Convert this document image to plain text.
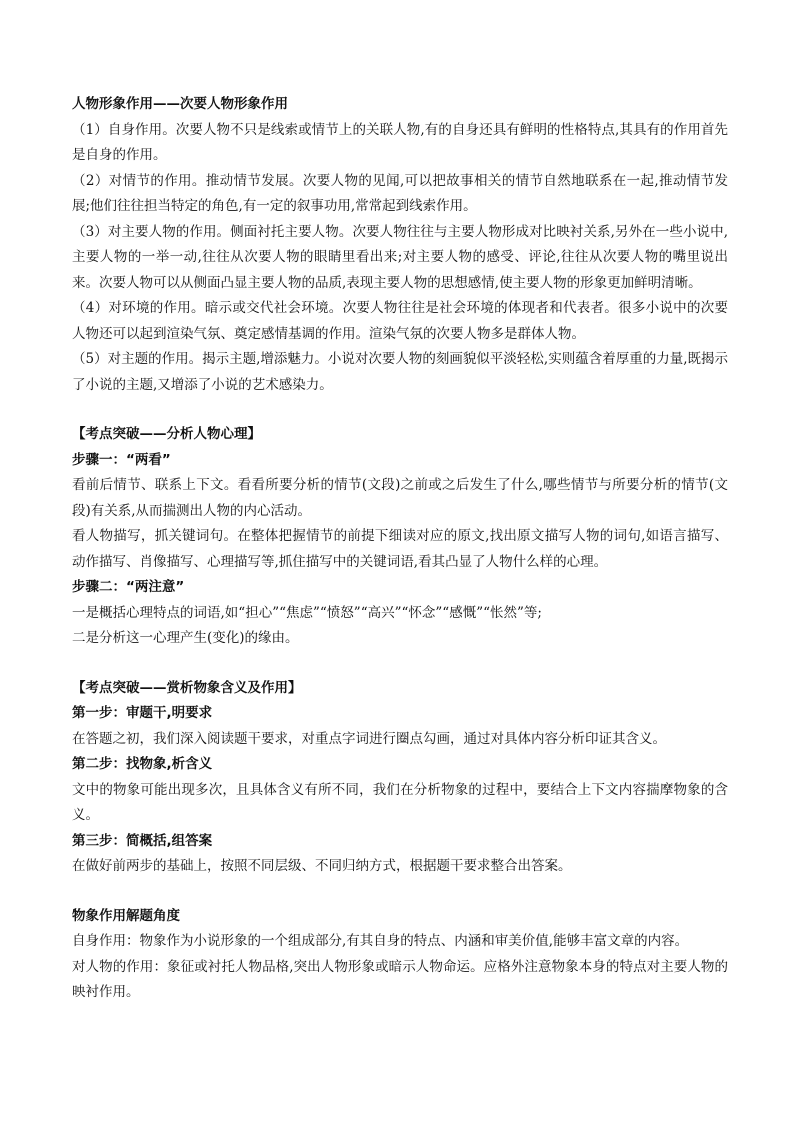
人物形象作用——次要人物形象作用

（1）自身作用。次要人物不只是线索或情节上的关联人物,有的自身还具有鲜明的性格特点,其具有的作用首先是自身的作用。

（2）对情节的作用。推动情节发展。次要人物的见闻,可以把故事相关的情节自然地联系在一起,推动情节发展;他们往往担当特定的角色,有一定的叙事功用,常常起到线索作用。

（3）对主要人物的作用。侧面衬托主要人物。次要人物往往与主要人物形成对比映衬关系,另外在一些小说中,主要人物的一举一动,往往从次要人物的眼睛里看出来;对主要人物的感受、评论,往往从次要人物的嘴里说出来。次要人物可以从侧面凸显主要人物的品质,表现主要人物的思想感情,使主要人物的形象更加鲜明清晰。

（4）对环境的作用。暗示或交代社会环境。次要人物往往是社会环境的体现者和代表者。很多小说中的次要人物还可以起到渲染气氛、奠定感情基调的作用。渲染气氛的次要人物多是群体人物。

（5）对主题的作用。揭示主题,增添魅力。小说对次要人物的刻画貌似平淡轻松,实则蕴含着厚重的力量,既揭示了小说的主题,又增添了小说的艺术感染力。

【考点突破——分析人物心理】

步骤一：“两看”

看前后情节、联系上下文。看看所要分析的情节(文段)之前或之后发生了什么,哪些情节与所要分析的情节(文段)有关系,从而揣测出人物的内心活动。

看人物描写，抓关键词句。在整体把握情节的前提下细读对应的原文,找出原文描写人物的词句,如语言描写、动作描写、肖像描写、心理描写等,抓住描写中的关键词语,看其凸显了人物什么样的心理。

步骤二：“两注意”

一是概括心理特点的词语,如“担心”“焦虑”“愤怒”“高兴”“怀念”“感慨”“怅然”等;

二是分析这一心理产生(变化)的缘由。

【考点突破——赏析物象含义及作用】

第一步：审题干,明要求

在答题之初，我们深入阅读题干要求，对重点字词进行圈点勾画，通过对具体内容分析印证其含义。

第二步：找物象,析含义

文中的物象可能出现多次，且具体含义有所不同，我们在分析物象的过程中，要结合上下文内容揣摩物象的含义。

第三步：简概括,组答案

在做好前两步的基础上，按照不同层级、不同归纳方式，根据题干要求整合出答案。

物象作用解题角度

自身作用：物象作为小说形象的一个组成部分,有其自身的特点、内涵和审美价值,能够丰富文章的内容。

对人物的作用：象征或衬托人物品格,突出人物形象或暗示人物命运。应格外注意物象本身的特点对主要人物的映衬作用。
